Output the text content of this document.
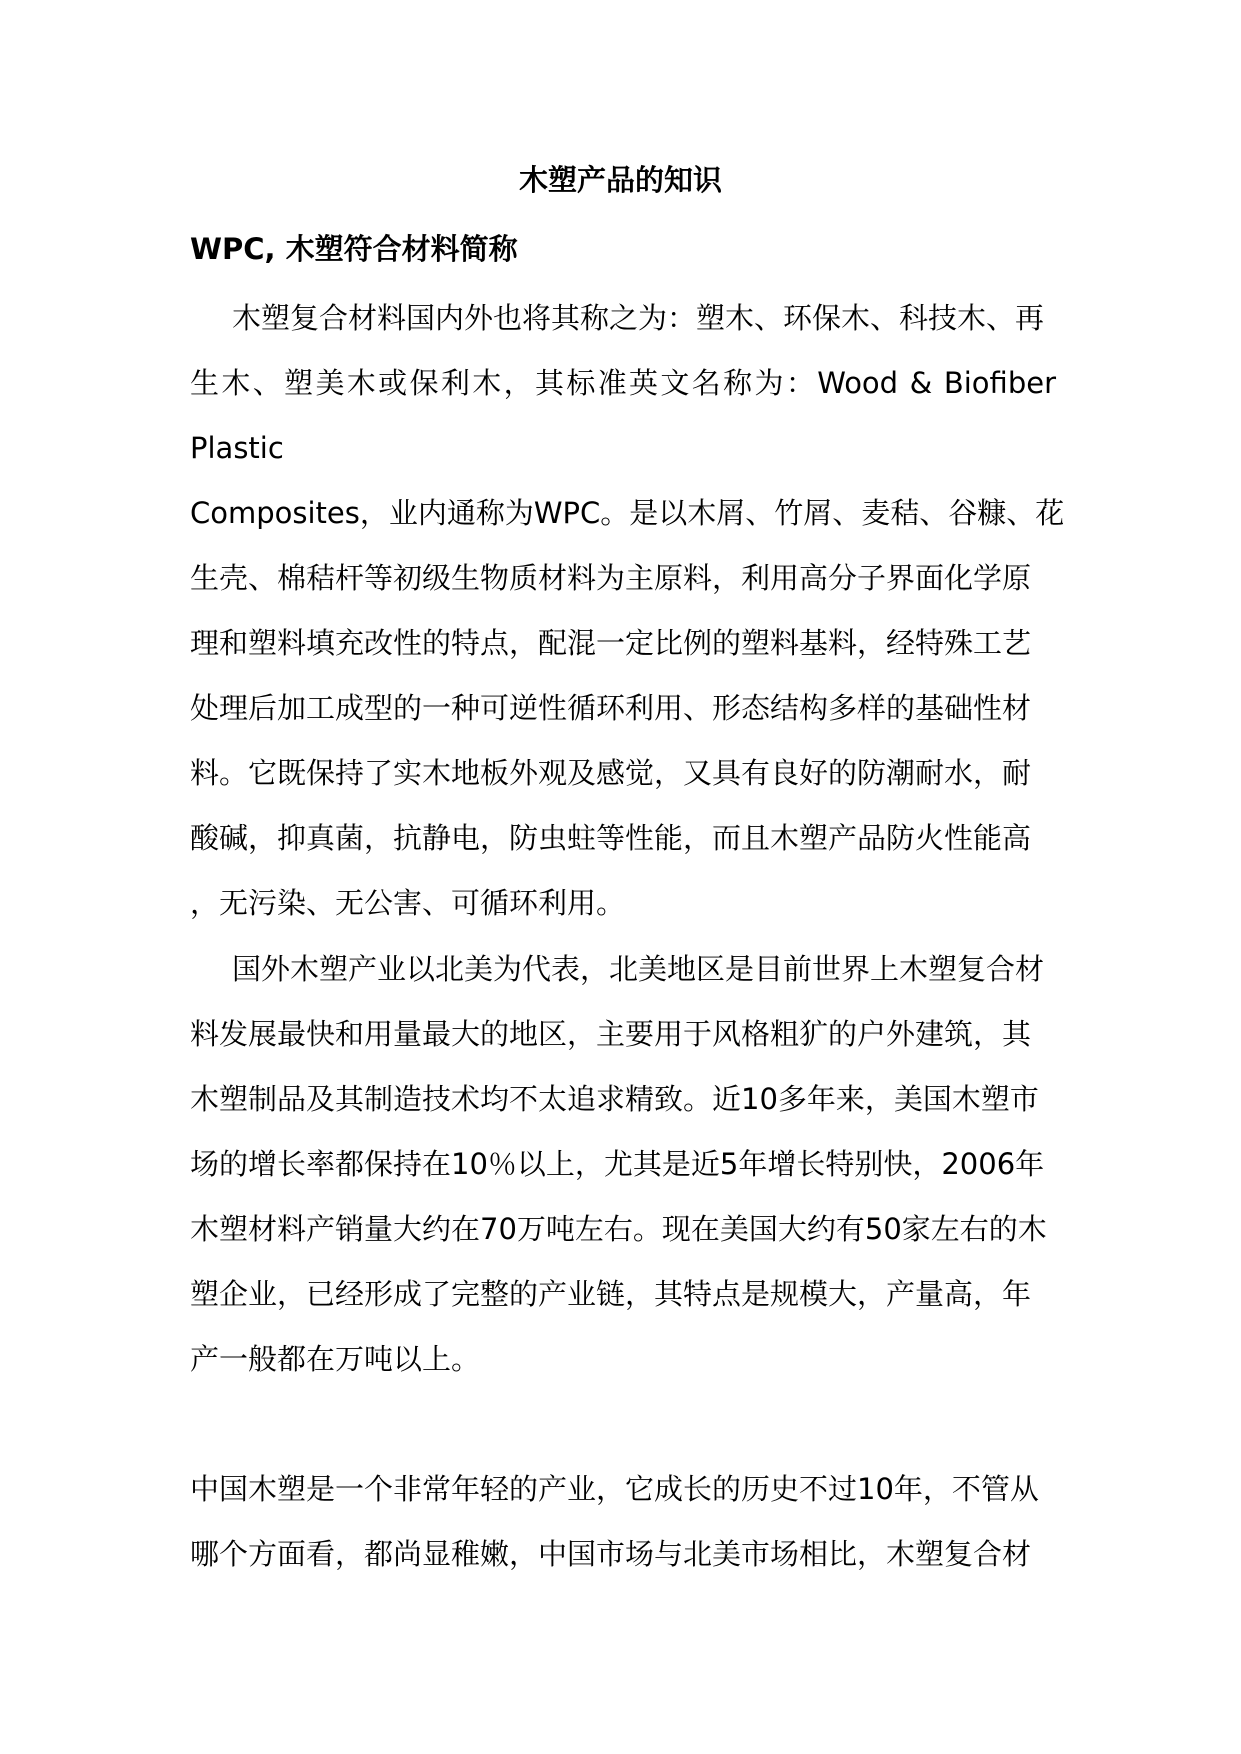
木塑产品的知识
WPC, 木塑符合材料简称

木塑复合材料国内外也将其称之为：塑木、环保木、科技木、再

生木、塑美木或保利木，其标准英文名称为：Wood & Biofiber

Plastic

Composites，业内通称为WPC。是以木屑、竹屑、麦秸、谷糠、花

生壳、棉秸杆等初级生物质材料为主原料，利用高分子界面化学原

理和塑料填充改性的特点，配混一定比例的塑料基料，经特殊工艺

处理后加工成型的一种可逆性循环利用、形态结构多样的基础性材

料。它既保持了实木地板外观及感觉，又具有良好的防潮耐水，耐

酸碱，抑真菌，抗静电，防虫蛀等性能，而且木塑产品防火性能高

，无污染、无公害、可循环利用。

国外木塑产业以北美为代表，北美地区是目前世界上木塑复合材

料发展最快和用量最大的地区，主要用于风格粗犷的户外建筑，其

木塑制品及其制造技术均不太追求精致。近10多年来，美国木塑市

场的增长率都保持在10％以上，尤其是近5年增长特别快，2006年

木塑材料产销量大约在70万吨左右。现在美国大约有50家左右的木

塑企业，已经形成了完整的产业链，其特点是规模大，产量高，年

产一般都在万吨以上。

中国木塑是一个非常年轻的产业，它成长的历史不过10年，不管从

哪个方面看，都尚显稚嫩，中国市场与北美市场相比，木塑复合材
